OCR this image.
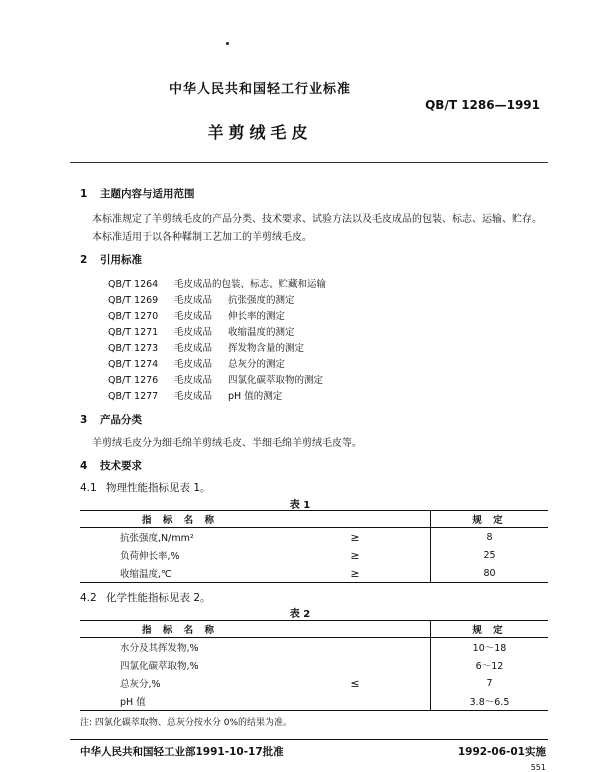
中华人民共和国轻工行业标准
QB/T 1286—1991
羊剪绒毛皮
1 主题内容与适用范围
本标准规定了羊剪绒毛皮的产品分类、技术要求、试验方法以及毛皮成品的包装、标志、运输、贮存。
本标准适用于以各种鞣制工艺加工的羊剪绒毛皮。
2 引用标准
QB/T 1264 毛皮成品的包装、标志、贮藏和运输
QB/T 1269 毛皮成品 抗张强度的测定
QB/T 1270 毛皮成品 伸长率的测定
QB/T 1271 毛皮成品 收缩温度的测定
QB/T 1273 毛皮成品 挥发物含量的测定
QB/T 1274 毛皮成品 总灰分的测定
QB/T 1276 毛皮成品 四氯化碳萃取物的测定
QB/T 1277 毛皮成品 pH 值的测定
3 产品分类
羊剪绒毛皮分为细毛绵羊剪绒毛皮、半细毛绵羊剪绒毛皮等。
4 技术要求
4.1 物理性能指标见表 1。
表 1
指 标 名 称		规 定
抗张强度,N/mm²	≥	8
负荷伸长率,%	≥	25
收缩温度,℃	≥	80
4.2 化学性能指标见表 2。
表 2
指 标 名 称		规 定
水分及其挥发物,%		10～18
四氯化碳萃取物,%		6～12
总灰分,%	≤	7
pH 值		3.8～6.5
注: 四氯化碳萃取物、总灰分按水分 0%的结果为准。
中华人民共和国轻工业部1991-10-17批准	1992-06-01实施
551
